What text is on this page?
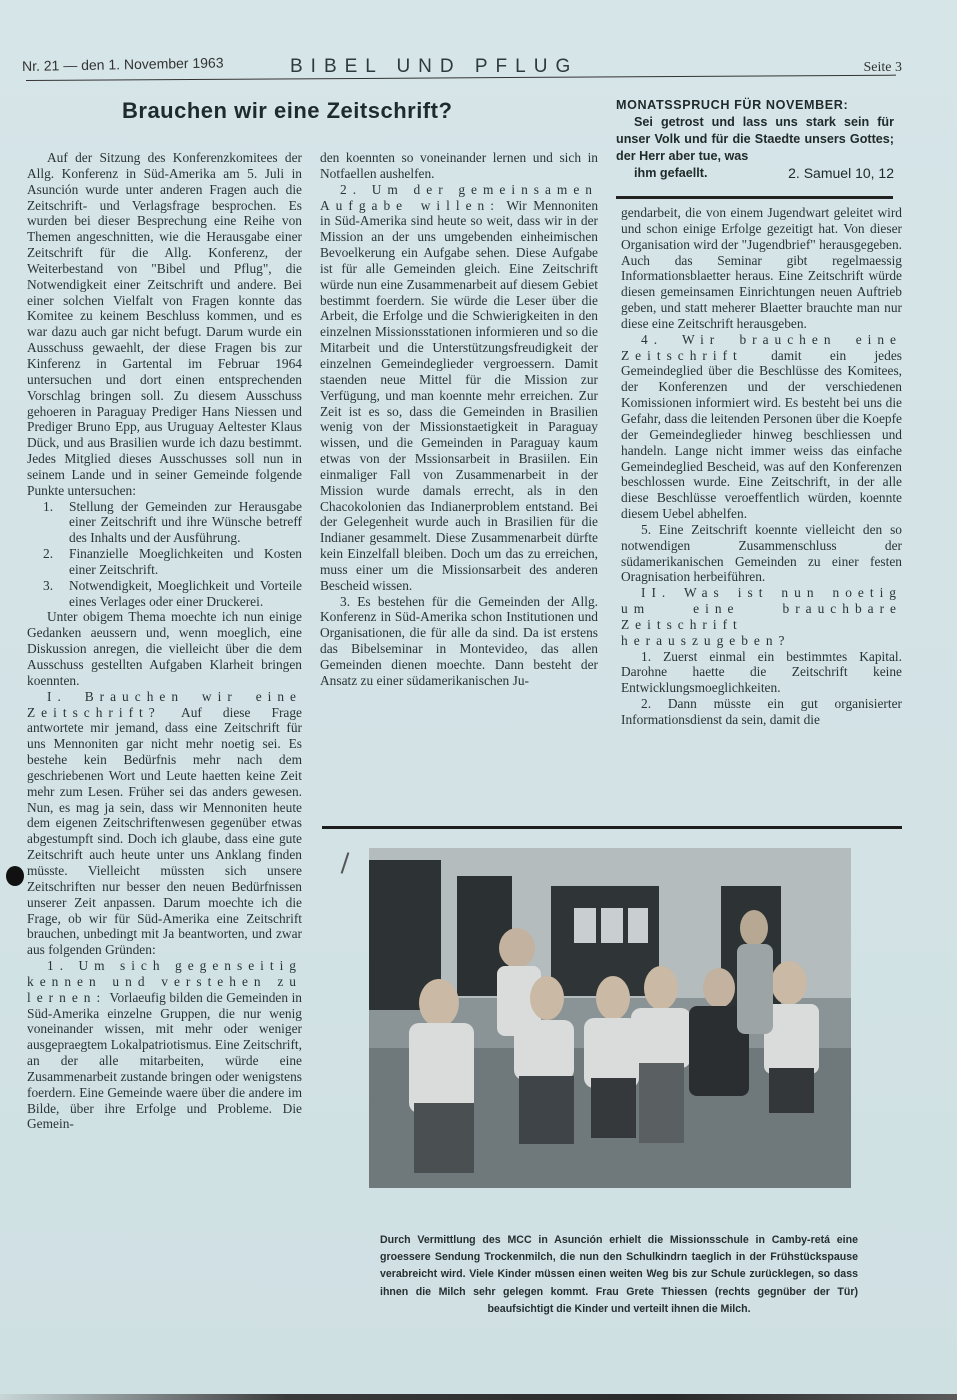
Nr. 21 — den 1. November 1963	BIBEL UND PFLUG	Seite 3
Brauchen wir eine Zeitschrift?	MONATSSPRUCH FÜR NOVEMBER:
Sei getrost und lass uns stark sein für unser Volk und für die Staedte unsers Gottes; der Herr aber tue, was
ihm gefaellt.	2. Samuel 10, 12

Auf der Sitzung des Konferenzkomitees der Allg. Konferenz in Süd-Amerika am 5. Juli in Asunción wurde unter anderen Fragen auch die Zeitschrift- und Verlagsfrage besprochen. Es wurden bei dieser Besprechung eine Reihe von Themen angeschnitten, wie die Herausgabe einer Zeitschrift für die Allg. Konferenz, der Weiterbestand von "Bibel und Pflug", die Notwendigkeit einer Zeitschrift und andere. Bei einer solchen Vielfalt von Fragen konnte das Komitee zu keinem Beschluss kommen, und es war dazu auch gar nicht befugt. Darum wurde ein Ausschuss gewaehlt, der diese Fragen bis zur Kinferenz in Gartental im Februar 1964 untersuchen und dort einen entsprechenden Vorschlag bringen soll. Zu diesem Ausschuss gehoeren in Paraguay Prediger Hans Niessen und Prediger Bruno Epp, aus Uruguay Aeltester Klaus Dück, und aus Brasilien wurde ich dazu bestimmt. Jedes Mitglied dieses Ausschusses soll nun in seinem Lande und in seiner Gemeinde folgende Punkte untersuchen:

1.	Stellung der Gemeinden zur Herausgabe einer Zeitschrift und ihre Wünsche betreff des Inhalts und der Ausführung.
2.	Finanzielle Moeglichkeiten und Kosten einer Zeitschrift.
3.	Notwendigkeit, Moeglichkeit und Vorteile eines Verlages oder einer Druckerei.

Unter obigem Thema moechte ich nun einige Gedanken aeussern und, wenn moeglich, eine Diskussion anregen, die vielleicht über die dem Ausschuss gestellten Aufgaben Klarheit bringen koennten.

I. Brauchen wir eine Zeitschrift? Auf diese Frage antwortete mir jemand, dass eine Zeitschrift für uns Mennoniten gar nicht mehr noetig sei. Es bestehe kein Bedürfnis mehr nach dem geschriebenen Wort und Leute haetten keine Zeit mehr zum Lesen. Früher sei das anders gewesen. Nun, es mag ja sein, dass wir Mennoniten heute dem eigenen Zeitschriftenwesen gegenüber etwas abgestumpft sind. Doch ich glaube, dass eine gute Zeitschrift auch heute unter uns Anklang finden müsste. Vielleicht müssten sich unsere Zeitschriften nur besser den neuen Bedürfnissen unserer Zeit anpassen. Darum moechte ich die Frage, ob wir für Süd-Amerika eine Zeitschrift brauchen, unbedingt mit Ja beantworten, und zwar aus folgenden Gründen:

1. Um sich gegenseitig kennen und verstehen zu lernen: Vorlaeufig bilden die Gemeinden in Süd-Amerika einzelne Gruppen, die nur wenig voneinander wissen, mit mehr oder weniger ausgepraegtem Lokalpatriotismus. Eine Zeitschrift, an der alle mitarbeiten, würde eine Zusammenarbeit zustande bringen oder wenigstens foerdern. Eine Gemeinde waere über die andere im Bilde, über ihre Erfolge und Probleme. Die Gemein-

den koennten so voneinander lernen und sich in Notfaellen aushelfen.

2. Um der gemeinsamen Aufgabe willen: Wir Mennoniten in Süd-Amerika sind heute so weit, dass wir in der Mission an der uns umgebenden einheimischen Bevoelkerung ein Aufgabe sehen. Diese Aufgabe ist für alle Gemeinden gleich. Eine Zeitschrift würde nun eine Zusammenarbeit auf diesem Gebiet bestimmt foerdern. Sie würde die Leser über die Arbeit, die Erfolge und die Schwierigkeiten in den einzelnen Missionsstationen informieren und so die Mitarbeit und die Unterstützungsfreudigkeit der einzelnen Gemeindeglieder vergroessern. Damit staenden neue Mittel für die Mission zur Verfügung, und man koennte mehr erreichen. Zur Zeit ist es so, dass die Gemeinden in Brasilien wenig von der Missionstaetigkeit in Paraguay wissen, und die Gemeinden in Paraguay kaum etwas von der Mssionsarbeit in Brasiilen. Ein einmaliger Fall von Zusammenarbeit in der Mission wurde damals errecht, als in den Chacokolonien das Indianerproblem entstand. Bei der Gelegenheit wurde auch in Brasilien für die Indianer gesammelt. Diese Zusammenarbeit dürfte kein Einzelfall bleiben. Doch um das zu erreichen, muss einer um die Missionsarbeit des anderen Bescheid wissen.

3. Es bestehen für die Gemeinden der Allg. Konferenz in Süd-Amerika schon Institutionen und Organisationen, die für alle da sind. Da ist erstens das Bibelseminar in Montevideo, das allen Gemeinden dienen moechte. Dann besteht der Ansatz zu einer südamerikanischen Ju-

gendarbeit, die von einem Jugendwart geleitet wird und schon einige Erfolge gezeitigt hat. Von dieser Organisation wird der "Jugendbrief" herausgegeben. Auch das Seminar gibt regelmaessig Informationsblaetter heraus. Eine Zeitschrift würde diesen gemeinsamen Einrichtungen neuen Auftrieb geben, und statt meherer Blaetter brauchte man nur diese eine Zeitschrift herausgeben.

4. Wir brauchen eine Zeitschrift damit ein jedes Gemeindeglied über die Beschlüsse des Komitees, der Konferenzen und der verschiedenen Komissionen informiert wird. Es besteht bei uns die Gefahr, dass die leitenden Personen über die Koepfe der Gemeindeglieder hinweg beschliessen und handeln. Lange nicht immer weiss das einfache Gemeindeglied Bescheid, was auf den Konferenzen beschlossen wurde. Eine Zeitschrift, in der alle diese Beschlüsse veroeffentlich würden, koennte diesem Uebel abhelfen.

5. Eine Zeitschrift koennte vielleicht den so notwendigen Zusammenschluss der südamerikanischen Gemeinden zu einer festen Oragnisation herbeiführen.

II. Was ist nun noetig um eine brauchbare Zeitschrift herauszugeben?

1. Zuerst einmal ein bestimmtes Kapital. Darohne haette die Zeitschrift keine Entwicklungsmoeglichkeiten.

2. Dann müsste ein gut organisierter Informationsdienst da sein, damit die

Durch Vermittlung des MCC in Asunción erhielt die Missionsschule in Camby-retá eine groessere Sendung Trockenmilch, die nun den Schulkindrn taeglich in der Frühstückspause verabreicht wird. Viele Kinder müssen einen weiten Weg bis zur Schule zurücklegen, so dass ihnen die Milch sehr gelegen kommt. Frau Grete Thiessen (rechts gegnüber der Tür) beaufsichtigt die Kinder und verteilt ihnen die Milch.
